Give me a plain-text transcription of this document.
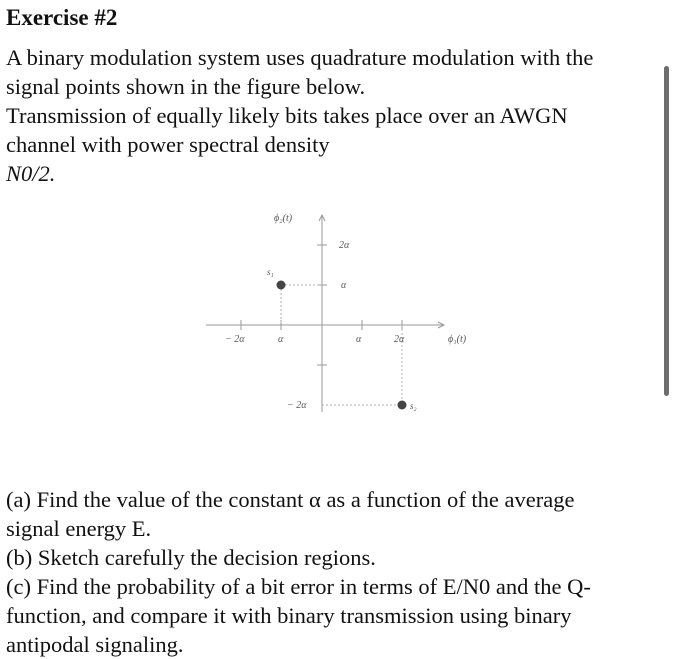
Exercise #2
A binary modulation system uses quadrature modulation with the
signal points shown in the figure below.
Transmission of equally likely bits takes place over an AWGN
channel with power spectral density
N0/2.
ϕ₂(t)
ϕ₁(t)
− 2α	α	α	2α
2α
α
− 2α
s₁
s₂
(a) Find the value of the constant α as a function of the average
signal energy E.
(b) Sketch carefully the decision regions.
(c) Find the probability of a bit error in terms of E/N0 and the Q-
function, and compare it with binary transmission using binary
antipodal signaling.
